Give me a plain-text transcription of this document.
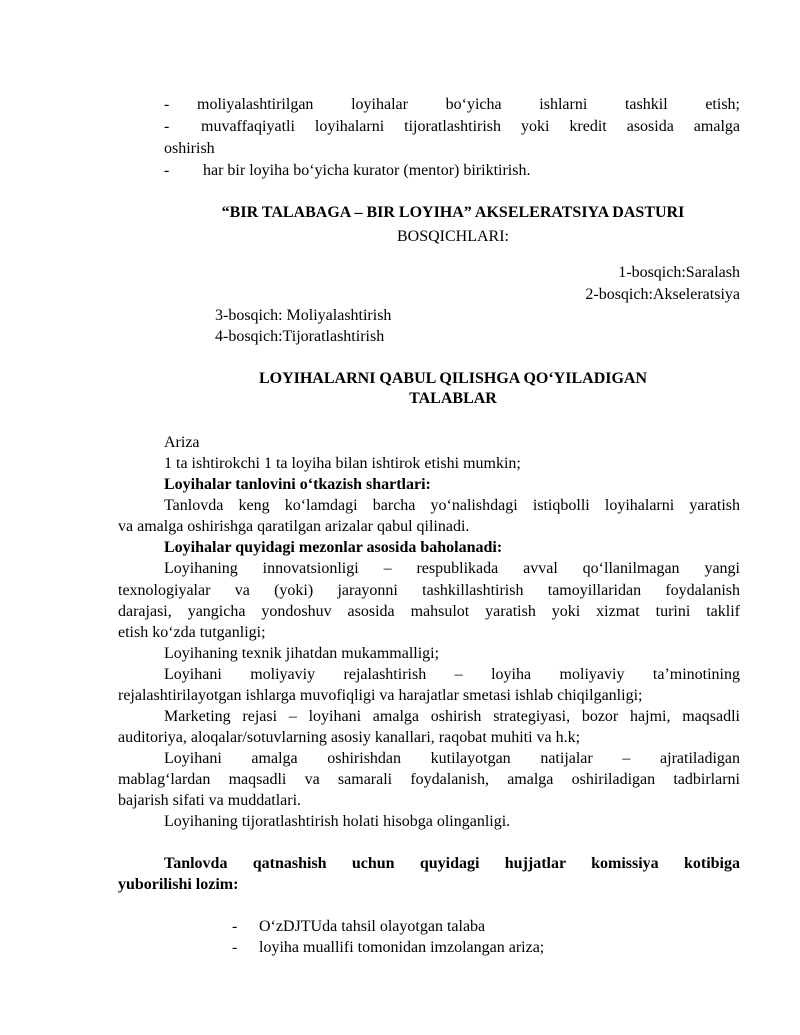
- moliyalashtirilgan loyihalar bo‘yicha ishlarni tashkil etish;
- muvaffaqiyatli loyihalarni tijoratlashtirish yoki kredit asosida amalga
oshirish
- har bir loyiha bo‘yicha kurator (mentor) biriktirish.
“BIR TALABAGA – BIR LOYIHA” AKSELERATSIYA DASTURI
BOSQICHLARI:
1-bosqich:Saralash
2-bosqich:Akseleratsiya
3-bosqich: Moliyalashtirish
4-bosqich:Tijoratlashtirish
LOYIHALARNI QABUL QILISHGA QO‘YILADIGAN
TALABLAR
Ariza
1 ta ishtirokchi 1 ta loyiha bilan ishtirok etishi mumkin;
Loyihalar tanlovini o‘tkazish shartlari:
Tanlovda keng ko‘lamdagi barcha yo‘nalishdagi istiqbolli loyihalarni yaratish
va amalga oshirishga qaratilgan arizalar qabul qilinadi.
Loyihalar quyidagi mezonlar asosida baholanadi:
Loyihaning innovatsionligi – respublikada avval qo‘llanilmagan yangi
texnologiyalar va (yoki) jarayonni tashkillashtirish tamoyillaridan foydalanish
darajasi, yangicha yondoshuv asosida mahsulot yaratish yoki xizmat turini taklif
etish ko‘zda tutganligi;
Loyihaning texnik jihatdan mukammalligi;
Loyihani moliyaviy rejalashtirish – loyiha moliyaviy ta’minotining
rejalashtirilayotgan ishlarga muvofiqligi va harajatlar smetasi ishlab chiqilganligi;
Marketing rejasi – loyihani amalga oshirish strategiyasi, bozor hajmi, maqsadli
auditoriya, aloqalar/sotuvlarning asosiy kanallari, raqobat muhiti va h.k;
Loyihani amalga oshirishdan kutilayotgan natijalar – ajratiladigan
mablag‘lardan maqsadli va samarali foydalanish, amalga oshiriladigan tadbirlarni
bajarish sifati va muddatlari.
Loyihaning tijoratlashtirish holati hisobga olinganligi.
Tanlovda qatnashish uchun quyidagi hujjatlar komissiya kotibiga
yuborilishi lozim:
- O‘zDJTUda tahsil olayotgan talaba
- loyiha muallifi tomonidan imzolangan ariza;
